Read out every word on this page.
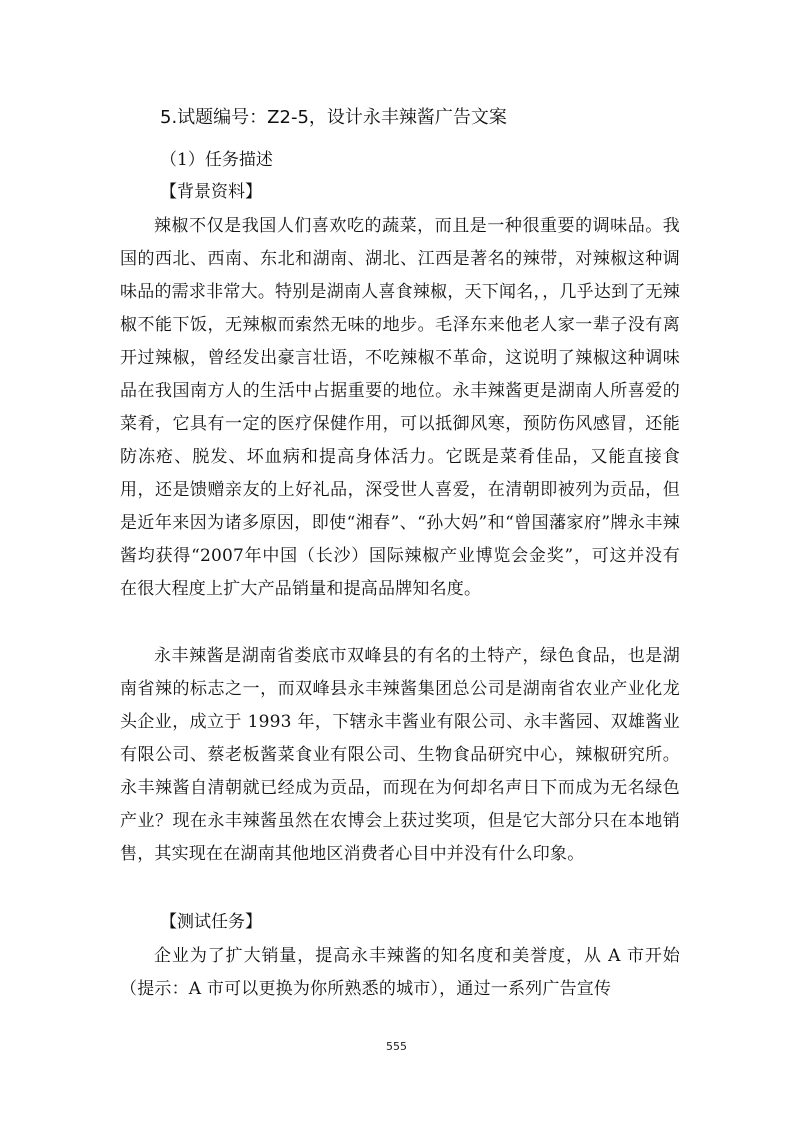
5.试题编号：Z2-5，设计永丰辣酱广告文案
（1）任务描述
【背景资料】
辣椒不仅是我国人们喜欢吃的蔬菜，而且是一种很重要的调味品。我国的西北、西南、东北和湖南、湖北、江西是著名的辣带，对辣椒这种调味品的需求非常大。特别是湖南人喜食辣椒，天下闻名，，几乎达到了无辣椒不能下饭，无辣椒而索然无味的地步。毛泽东来他老人家一辈子没有离开过辣椒，曾经发出豪言壮语，不吃辣椒不革命，这说明了辣椒这种调味品在我国南方人的生活中占据重要的地位。永丰辣酱更是湖南人所喜爱的菜肴，它具有一定的医疗保健作用，可以抵御风寒，预防伤风感冒，还能防冻疮、脱发、坏血病和提高身体活力。它既是菜肴佳品，又能直接食用，还是馈赠亲友的上好礼品，深受世人喜爱，在清朝即被列为贡品，但是近年来因为诸多原因，即使“湘春”、“孙大妈”和“曾国藩家府”牌永丰辣酱均获得“2007年中国（长沙）国际辣椒产业博览会金奖”，可这并没有在很大程度上扩大产品销量和提高品牌知名度。
永丰辣酱是湖南省娄底市双峰县的有名的土特产，绿色食品，也是湖南省辣的标志之一，而双峰县永丰辣酱集团总公司是湖南省农业产业化龙头企业，成立于 1993 年，下辖永丰酱业有限公司、永丰酱园、双雄酱业有限公司、蔡老板酱菜食业有限公司、生物食品研究中心，辣椒研究所。永丰辣酱自清朝就已经成为贡品，而现在为何却名声日下而成为无名绿色产业？现在永丰辣酱虽然在农博会上获过奖项，但是它大部分只在本地销售，其实现在在湖南其他地区消费者心目中并没有什么印象。
【测试任务】
企业为了扩大销量，提高永丰辣酱的知名度和美誉度，从 A 市开始（提示：A 市可以更换为你所熟悉的城市），通过一系列广告宣传
555
